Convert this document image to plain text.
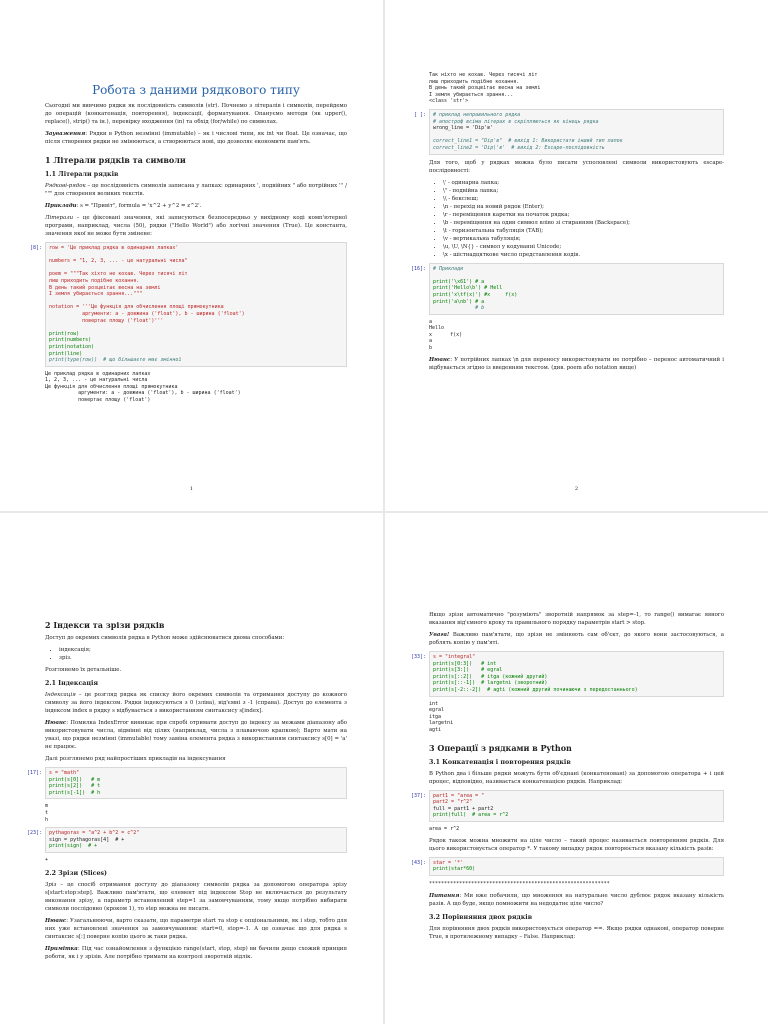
Робота з даними рядкового типу

Сьогодні ми вивчимо рядки як послідовність символів (str). Почнемо з літералів і символів, перейдемо до операцій (конкатенація, повторення), індексації, форматування. Опануємо методи (як upper(), replace(), strip() та ін.), перевірку входження (in) та обхід (for/while) по символах.

Зауваження: Рядки в Python незмінні (immutable) – як і числові типи, як int чи float. Це означає, що після створення рядки не змінюються, а створюються нові, що дозволяє економити пам'ять.

1 Літерали рядків та символи
1.1 Літерали рядків

Рядкові-рядок – це послідовність символів записана у лапках: одинарних ', подвійних " або потрійних ''' / """ для створення великих текстів.

Приклади: s = "Привіт", formula = 'x^2 + y^2 = z^2'.

Літерали – це фіксовані значення, які записуються безпосередньо у вихідному коді комп'ютерної програми, наприклад, числа (50), рядки ("Hello World") або логічні значення (True). Це константа, значення якої не може бути змінене:

[8]: row = 'Це приклад рядка в одинарних лапках'

numbers = "1, 2, 3, ... - це натуральні числа"

poem = """Так хіхто не кохав. Через тисячі літ
лиш приходить подібне кохання.
В день такий розцвітає весна на землі
І земля убирається зрання..."""

notation = '''Це функція для обчислення площі прямокутника
аргументи: a - довжина ('float'), b - ширина ('float')
повертає площу ('float')'''

print(row)
print(numbers)
print(notation)
print(line)
print(type(row))  # що більшаєте має змінної
Це приклад рядка в одинарних лапках
1, 2, 3, ... - це натуральні числа
Це функція для обчислення площі прямокутника
аргументи: a - довжина ('float'), b - ширина ('float')
повертає площу ('float')
1
Так ніхто не кохав. Через тисячі літ
лиш приходить подібне кохання.
В день такий розцвітає весна на землі
І земля убирається зрання...
<class 'str'>
[ ]: # приклад неправильного рядка
# апостроф всіма літерах в скріпляються як кінець рядка
wrong_line = 'Dip'в'

correct_line1 = "Dip'в"  # вихід 1: Використати інший тип лапок
correct_line2 = 'Dip\'в'  # вихід 2: Escape-послідовність

Для того, щоб у рядках можна було писати усполовлені символи використовують escape-послідовності:

• \' - одинарна лапка;
• \" - подвійна лапка;
• \\ - бекслеш;
• \n - перехід на новий рядок (Enter);
• \r - переміщення каретки на початок рядка;
• \b - переміщення на один символ вліво зі стиранням (Backspace);
• \t - горизонтальна табуляція (TAB);
• \v - вертикальна табуляція;
• \u, \U, \N{} - символ у кодуванні Unicode;
• \x - шістнадцяткове число представлення кодів.
[16]: # Приклади

print('\x61') # a
print('Hello\b') # Hell
print('x\tf(x)') #x     f(x)
print('a\nb') # a
# b
a
Hello
x      f(x)
a
b

Нюанс: У потрійних лапках \n для переносу використовувати не потрібно – перенос автоматичний і відбувається згідно із введенням текстом. (див. poem або notation вище)

2
2 Індекси та зрізи рядків

Доступ до окремих символів рядка в Python може здійснюватися двома способами:

• індексація;
• зріз.

Розглянемо їх детальніше.

2.1 Індексація

Індексація – це розгляд рядка як списку його окремих символів та отримання доступу до кожного символу за його індексом. Рядки індексуються з 0 (зліва), від'ємні з -1 (справа). Доступ до елемента з індексом index в рядку s відбувається з використанням синтаксису s[index].

Нюанс: Помилка IndexError виникає при спробі отримати доступ до індексу за межами діапазону або використовувати числа, відмінні від цілих (наприклад, числа з плаваючою крапкою); Варто мати на увазі, що рядки незмінні (immutable) тому заміна елемента рядка з використанням синтаксису s[0] = 'a' не працює.

Далі розглянемо ряд найпростіших прикладів на індексування

[17]: s = "math"
print(s[0])   # m
print(s[2])   # t
print(s[-1])  # h
m
t
h
[23]: pythagoras = "a^2 + b^2 = c^2"
sign = pythagoras[4]  # +
print(sign)  # +
+
2.2 Зрізи (Slices)

Зріз – це спосіб отримання доступу до діапазону символів рядка за допомогою оператора зрізу s[start:stop:step]. Важливо пам'ятати, що елемент під індексом Stop не включається до результату виконання зрізу, а параметр встановлений step=1 за замовчуванням, тому якщо потрібно вибирати символи послідовно (кроком 1), то step можна не писати.

Нюанс: Узагальнюючи, варто сказати, що параметри start та stop є опціональними, як і step, тобто для них уже встановлені значення за замовчуванням: start=0, stop=-1. А це означає що для рядка s синтаксис s[:] поверне копію цього ж таки рядка.

Примітка: Під час ознайомлення з функцією range(start, stop, step) ви бачили дещо схожий принцип роботи, як і у зрізів. Але потрібно тримати на контролі зворотній відлік.

Якщо зрізи автоматично "розуміють" зворотній напрямок за step=-1, то range() вимагає явного вказання від'ємного кроку та правильного порядку параметрів start > stop.

Увага! Важливо пам'ятати, що зрізи не змінюють сам об'єкт, до якого вони застосовуються, а роблять копію у пам'яті.

[33]: s = "integral"
print(s[0:3])   # int
print(s[3:])    # egral
print(s[::2])   # itga (кожний другий)
print(s[::-1])  # largetni (зворотний)
print(s[-2::-2])  # agti (кожний другий починаючи з передостаннього)
int
egral
itga
largetni
agti
3 Операції з рядками в Python
3.1 Конкатенація і повторення рядків

В Python два і більше рядки можуть бути об'єднані (конкатеновані) за допомогою оператора + і цей процес, відповідно, називається конкатенацією рядків. Наприклад:

[37]: part1 = "area = "
part2 = "r^2"
full = part1 + part2
print(full)  # area = r^2
area = r^2

Рядок також можна множити на ціле число – такий процес називається повторенням рядків. Для цього використовується оператор *. У такому випадку рядок повторюється вказану кількість разів:

[43]: star = '*'
print(star*60)
************************************************************

Питання: Ми вже побачили, що множення на натуральне число дублює рядок вказану кількість разів. А що буде, якщо помножити на недодатнє ціле число?

3.2 Порівняння двох рядків

Для порівняння двох рядків використовується оператор ==. Якщо рядки однакові, оператор поверне True, в протилежному випадку – False. Наприклад:
